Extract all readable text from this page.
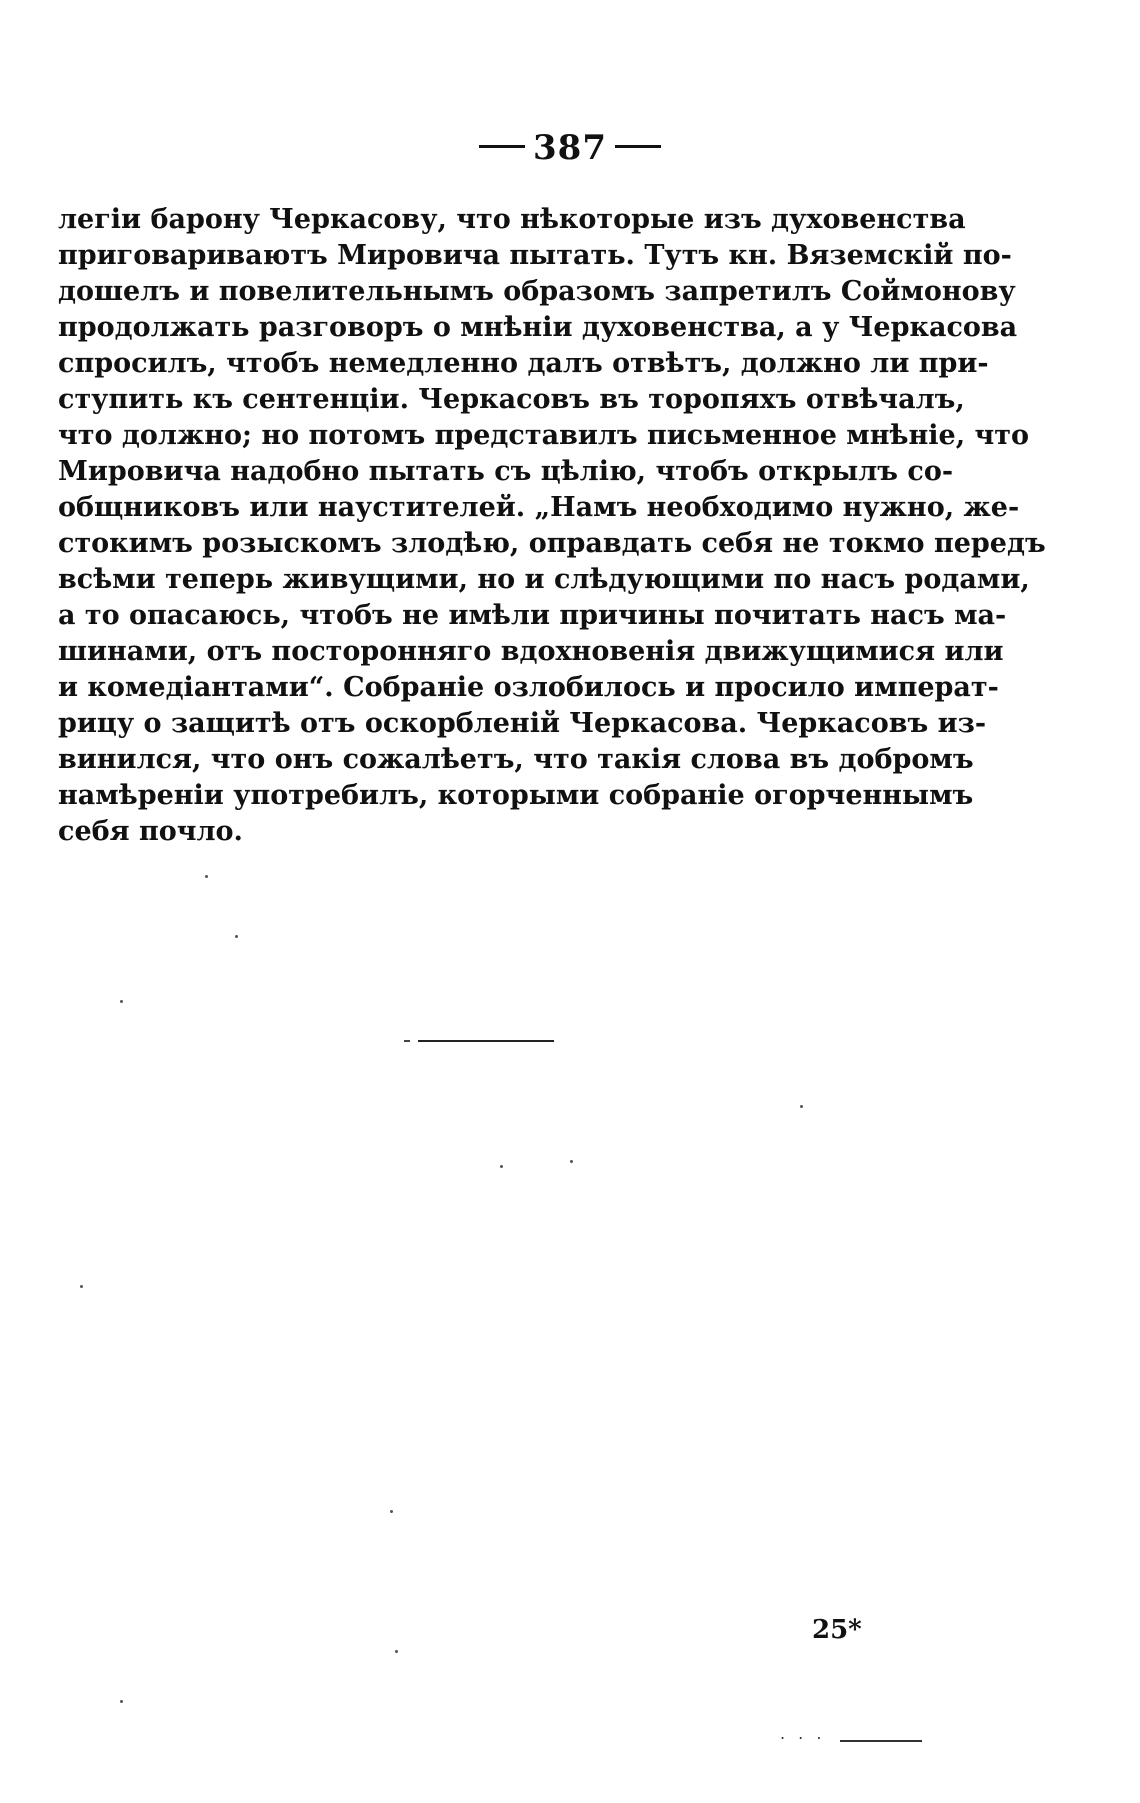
387
легіи барону Черкасову, что нѣкоторые изъ духовенства
приговариваютъ Мировича пытать. Тутъ кн. Вяземскій по-
дошелъ и повелительнымъ образомъ запретилъ Соймонову
продолжать разговоръ о мнѣніи духовенства, а у Черкасова
спросилъ, чтобъ немедленно далъ отвѣтъ, должно ли при-
ступить къ сентенціи. Черкасовъ въ торопяхъ отвѣчалъ,
что должно; но потомъ представилъ письменное мнѣніе, что
Мировича надобно пытать съ цѣлію, чтобъ открылъ со-
общниковъ или наустителей. „Намъ необходимо нужно, же-
стокимъ розыскомъ злодѣю, оправдать себя не токмо передъ
всѣми теперь живущими, но и слѣдующими по насъ родами,
а то опасаюсь, чтобъ не имѣли причины почитать насъ ма-
шинами, отъ посторонняго вдохновенія движущимися или
и комедіантами“. Собраніе озлобилось и просило императ-
рицу о защитѣ отъ оскорбленій Черкасова. Черкасовъ из-
винился, что онъ сожалѣетъ, что такія слова въ добромъ
намѣреніи употребилъ, которыми собраніе огорченнымъ
себя почло.
. . .
25*
